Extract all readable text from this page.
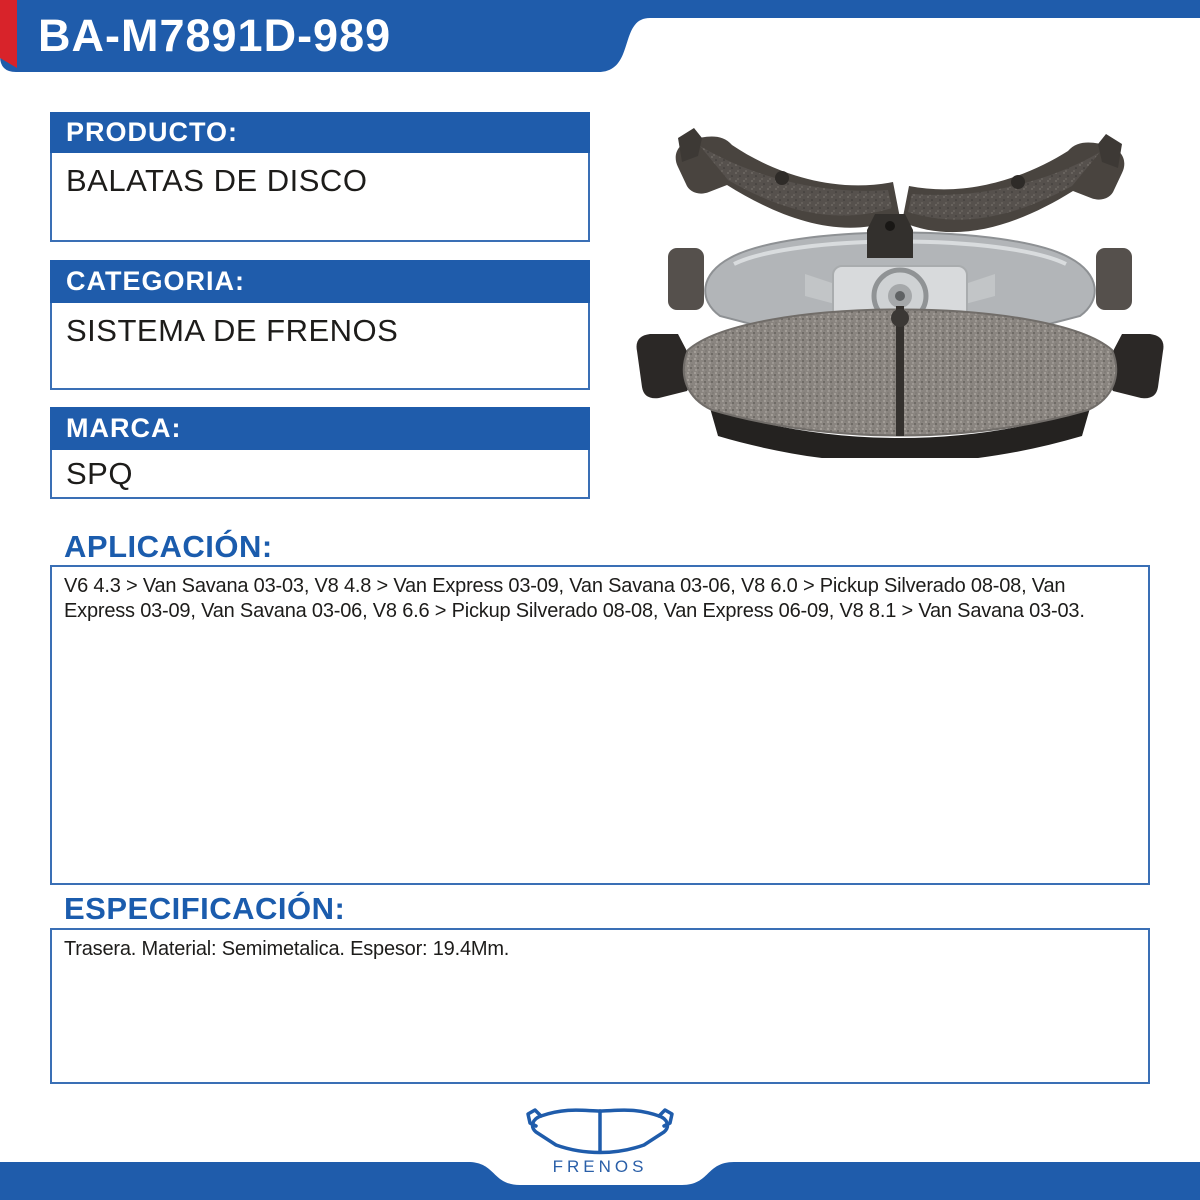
BA-M7891D-989
PRODUCTO:
BALATAS DE DISCO
CATEGORIA:
SISTEMA DE FRENOS
MARCA:
SPQ
APLICACIÓN:

V6 4.3 > Van Savana 03-03, V8 4.8 > Van Express 03-09, Van Savana 03-06, V8 6.0 > Pickup Silverado 08-08, Van Express 03-09, Van Savana 03-06, V8 6.6 > Pickup Silverado 08-08, Van Express 06-09, V8 8.1 > Van Savana 03-03.

ESPECIFICACIÓN:

Trasera. Material: Semimetalica. Espesor: 19.4Mm.

FRENOS
